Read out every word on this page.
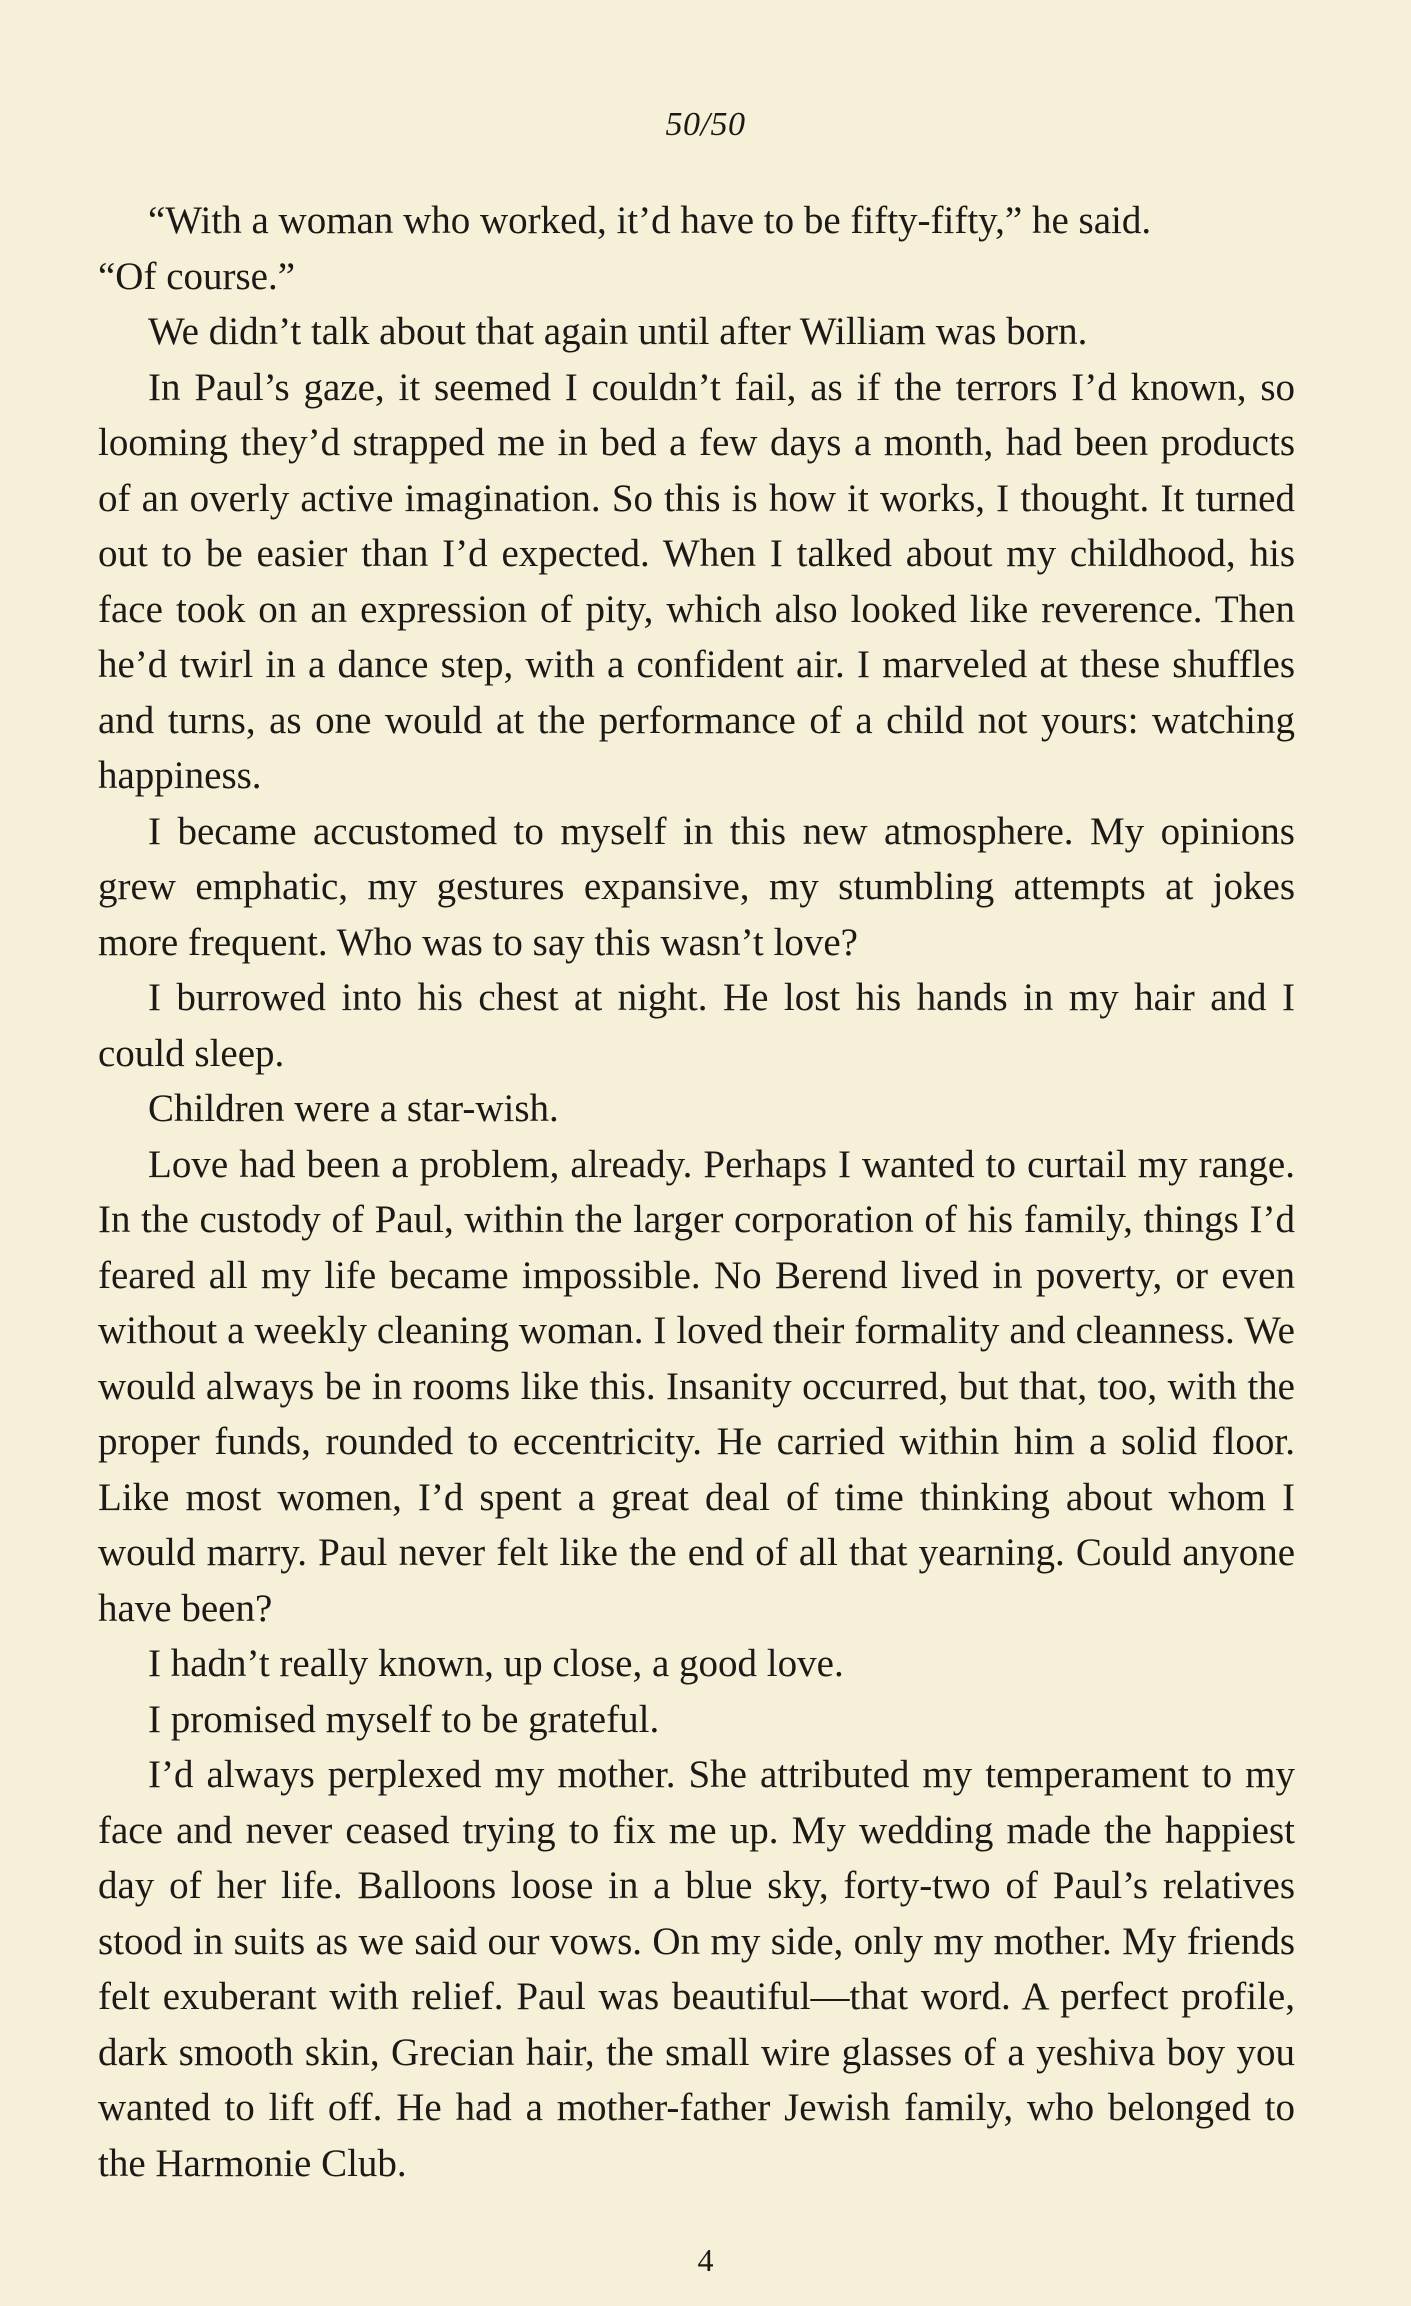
50/50

“With a woman who worked, it’d have to be fifty-fifty,” he said.

“Of course.”

We didn’t talk about that again until after William was born.

In Paul’s gaze, it seemed I couldn’t fail, as if the terrors I’d known, so looming they’d strapped me in bed a few days a month, had been products of an overly active imagination. So this is how it works, I thought. It turned out to be easier than I’d expected. When I talked about my childhood, his face took on an expression of pity, which also looked like reverence. Then he’d twirl in a dance step, with a confident air. I marveled at these shuffles and turns, as one would at the performance of a child not yours: watching happiness.

I became accustomed to myself in this new atmosphere. My opinions grew emphatic, my gestures expansive, my stumbling attempts at jokes more frequent. Who was to say this wasn’t love?

I burrowed into his chest at night. He lost his hands in my hair and I could sleep.

Children were a star-wish.

Love had been a problem, already. Perhaps I wanted to curtail my range. In the custody of Paul, within the larger corporation of his family, things I’d feared all my life became impossible. No Berend lived in poverty, or even without a weekly cleaning woman. I loved their formality and cleanness. We would always be in rooms like this. Insanity occurred, but that, too, with the proper funds, rounded to eccentricity. He carried within him a solid floor. Like most women, I’d spent a great deal of time thinking about whom I would marry. Paul never felt like the end of all that yearning. Could anyone have been?

I hadn’t really known, up close, a good love.

I promised myself to be grateful.

I’d always perplexed my mother. She attributed my temperament to my face and never ceased trying to fix me up. My wedding made the happiest day of her life. Balloons loose in a blue sky, forty-two of Paul’s relatives stood in suits as we said our vows. On my side, only my mother. My friends felt exuberant with relief. Paul was beautiful—that word. A perfect profile, dark smooth skin, Grecian hair, the small wire glasses of a yeshiva boy you wanted to lift off. He had a mother-father Jewish family, who belonged to the Harmonie Club.

4
